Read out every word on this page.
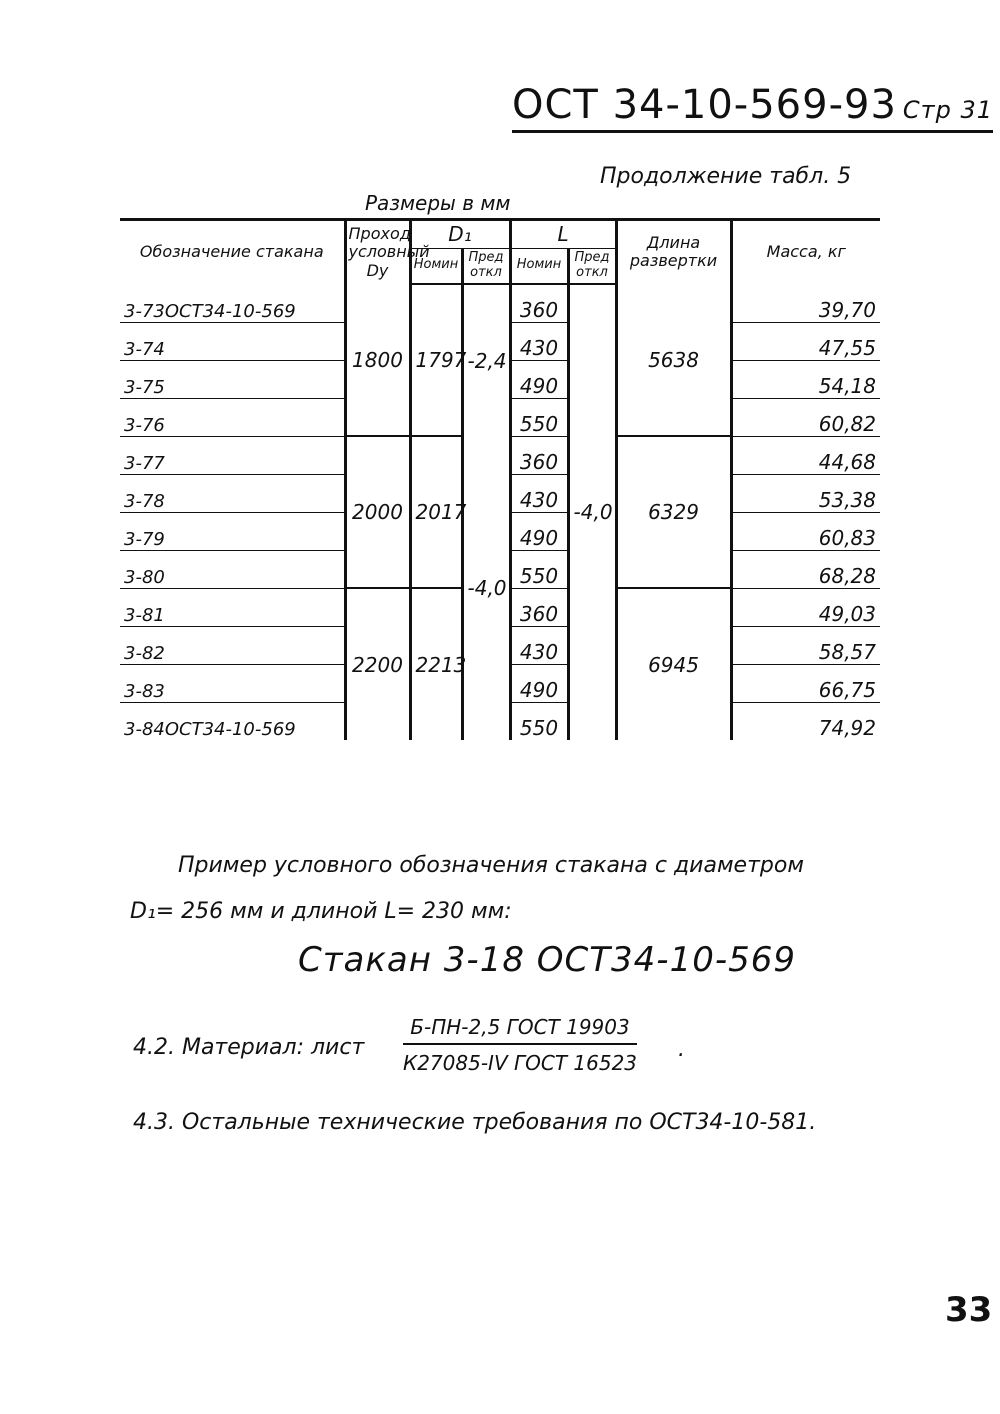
ОСТ 34-10-569-93 Стр 31
Продолжение табл. 5
Размеры в мм
Обозначение стакана	Проход условный Dу	D₁		L		Длина развертки	Масса, кг
		Номин	Пред откл	Номин	Пред откл		
3-73ОСТ34-10-569	1800	1797	-2,4	360	-4,0	5638	39,70
3-74				430			47,55
3-75				490			54,18
3-76				550			60,82
3-77	2000	2017	-4,0	360		6329	44,68
3-78				430			53,38
3-79				490			60,83
3-80				550			68,28
3-81	2200	2213		360		6945	49,03
3-82				430			58,57
3-83				490			66,75
3-84ОСТ34-10-569				550			74,92
Пример условного обозначения стакана с диаметром
D₁= 256 мм и длиной L= 230 мм:
Стакан 3-18 ОСТ34-10-569
4.2. Материал: лист
Б-ПН-2,5 ГОСТ 19903
К27085-IV ГОСТ 16523
.
4.3. Остальные технические требования по ОСТ34-10-581.
33
